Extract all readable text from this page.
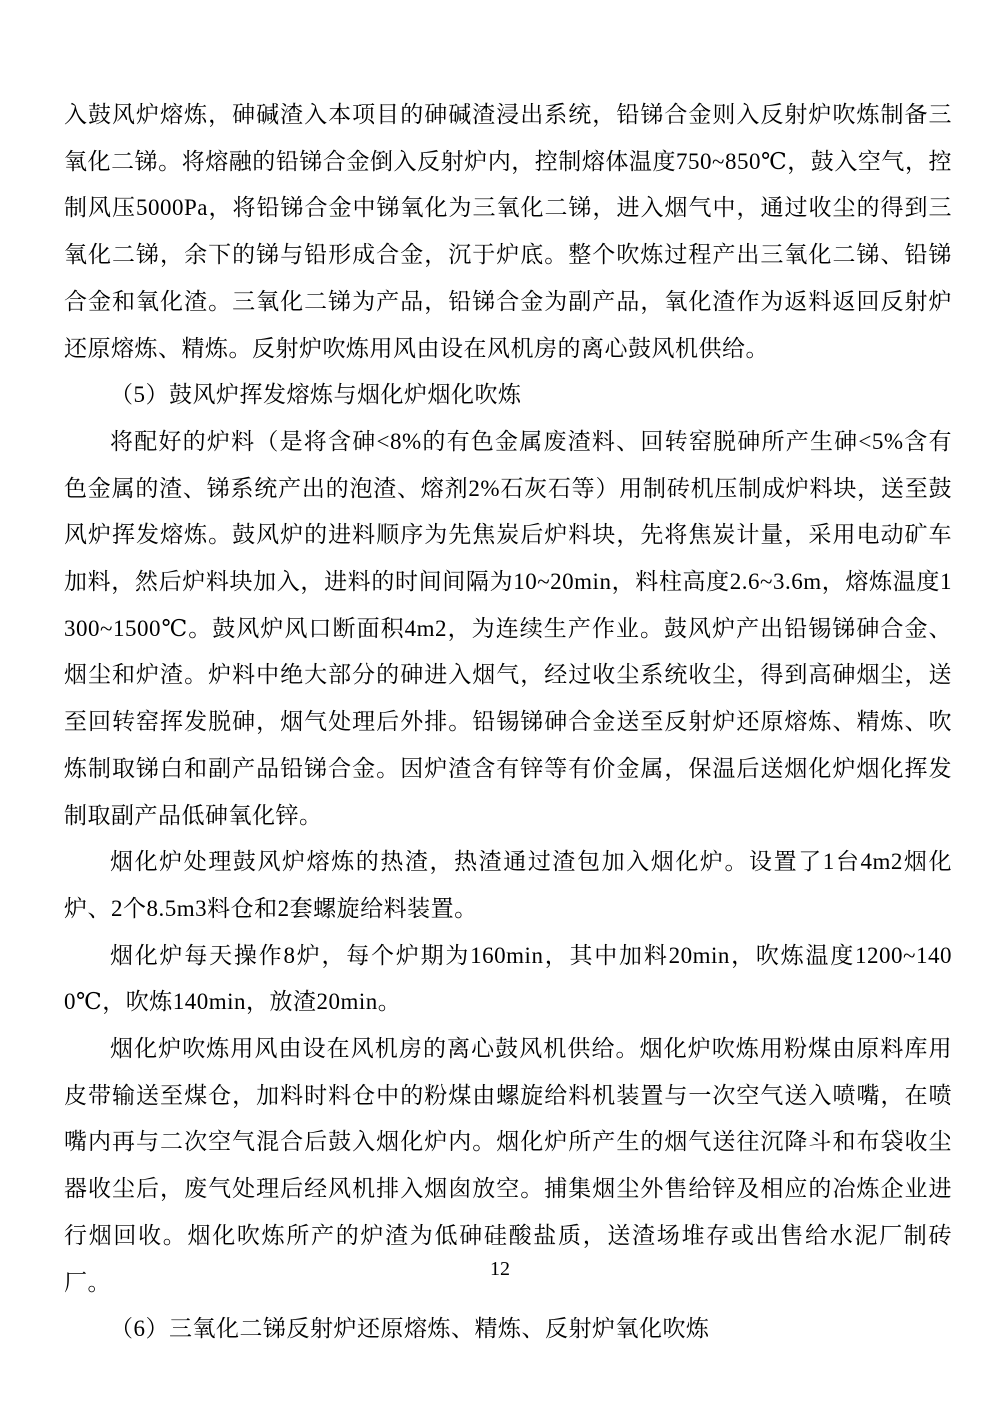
入鼓风炉熔炼，砷碱渣入本项目的砷碱渣浸出系统，铅锑合金则入反射炉吹炼制备三氧化二锑。将熔融的铅锑合金倒入反射炉内，控制熔体温度750~850℃，鼓入空气，控制风压5000Pa，将铅锑合金中锑氧化为三氧化二锑，进入烟气中，通过收尘的得到三氧化二锑，余下的锑与铅形成合金，沉于炉底。整个吹炼过程产出三氧化二锑、铅锑合金和氧化渣。三氧化二锑为产品，铅锑合金为副产品，氧化渣作为返料返回反射炉还原熔炼、精炼。反射炉吹炼用风由设在风机房的离心鼓风机供给。

（5）鼓风炉挥发熔炼与烟化炉烟化吹炼

将配好的炉料（是将含砷<8%的有色金属废渣料、回转窑脱砷所产生砷<5%含有色金属的渣、锑系统产出的泡渣、熔剂2%石灰石等）用制砖机压制成炉料块，送至鼓风炉挥发熔炼。鼓风炉的进料顺序为先焦炭后炉料块，先将焦炭计量，采用电动矿车加料，然后炉料块加入，进料的时间间隔为10~20min，料柱高度2.6~3.6m，熔炼温度1300~1500℃。鼓风炉风口断面积4m2，为连续生产作业。鼓风炉产出铅锡锑砷合金、烟尘和炉渣。炉料中绝大部分的砷进入烟气，经过收尘系统收尘，得到高砷烟尘，送至回转窑挥发脱砷，烟气处理后外排。铅锡锑砷合金送至反射炉还原熔炼、精炼、吹炼制取锑白和副产品铅锑合金。因炉渣含有锌等有价金属，保温后送烟化炉烟化挥发制取副产品低砷氧化锌。

烟化炉处理鼓风炉熔炼的热渣，热渣通过渣包加入烟化炉。设置了1台4m2烟化炉、2个8.5m3料仓和2套螺旋给料装置。

烟化炉每天操作8炉，每个炉期为160min，其中加料20min，吹炼温度1200~1400℃，吹炼140min，放渣20min。

烟化炉吹炼用风由设在风机房的离心鼓风机供给。烟化炉吹炼用粉煤由原料库用皮带输送至煤仓，加料时料仓中的粉煤由螺旋给料机装置与一次空气送入喷嘴，在喷嘴内再与二次空气混合后鼓入烟化炉内。烟化炉所产生的烟气送往沉降斗和布袋收尘器收尘后，废气处理后经风机排入烟囱放空。捕集烟尘外售给锌及相应的冶炼企业进行烟回收。烟化吹炼所产的炉渣为低砷硅酸盐质，送渣场堆存或出售给水泥厂制砖厂。

（6）三氧化二锑反射炉还原熔炼、精炼、反射炉氧化吹炼

12
